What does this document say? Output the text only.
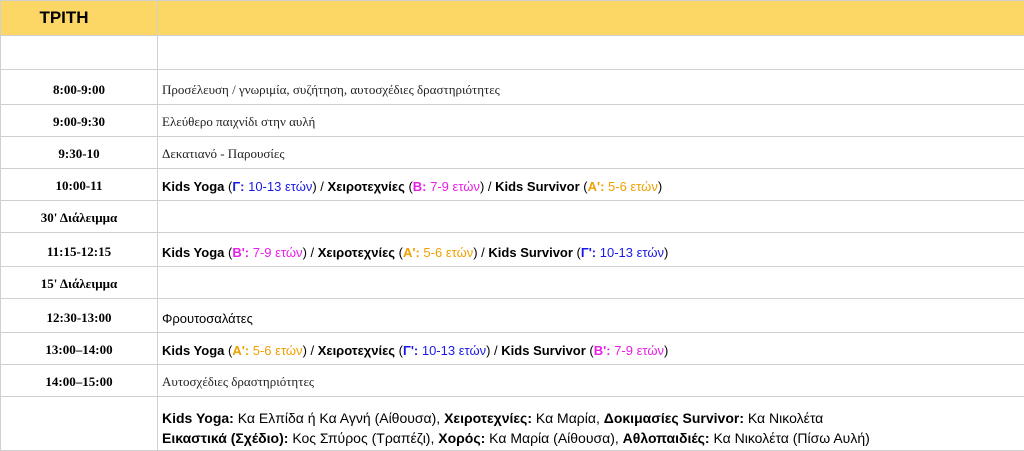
ΤΡΙΤΗ	

8:00-9:00	Προσέλευση / γνωριμία, συζήτηση, αυτοσχέδιες δραστηριότητες

9:00-9:30	Ελεύθερο παιχνίδι στην αυλή

9:30-10	Δεκατιανό - Παρουσίες

10:00-11	Kids Yoga (Γ: 10-13 ετών) / Χειροτεχνίες (Β: 7-9 ετών) / Kids Survivor (Α': 5-6 ετών)

30' Διάλειμμα	

11:15-12:15	Kids Yoga (Β': 7-9 ετών) / Χειροτεχνίες (Α': 5-6 ετών) / Kids Survivor (Γ': 10-13 ετών)

15' Διάλειμμα	

12:30-13:00	Φρουτοσαλάτες

13:00–14:00	Kids Yoga (Α': 5-6 ετών) / Χειροτεχνίες (Γ': 10-13 ετών) / Kids Survivor (Β': 7-9 ετών)

14:00–15:00	Αυτοσχέδιες δραστηριότητες

	Kids Yoga: Κα Ελπίδα ή Κα Αγνή (Αίθουσα), Χειροτεχνίες: Κα Μαρία, Δοκιμασίες Survivor: Κα Νικολέτα
Εικαστικά (Σχέδιο): Κος Σπύρος (Τραπέζι), Χορός: Κα Μαρία (Αίθουσα), Αθλοπαιδιές: Κα Νικολέτα (Πίσω Αυλή)
